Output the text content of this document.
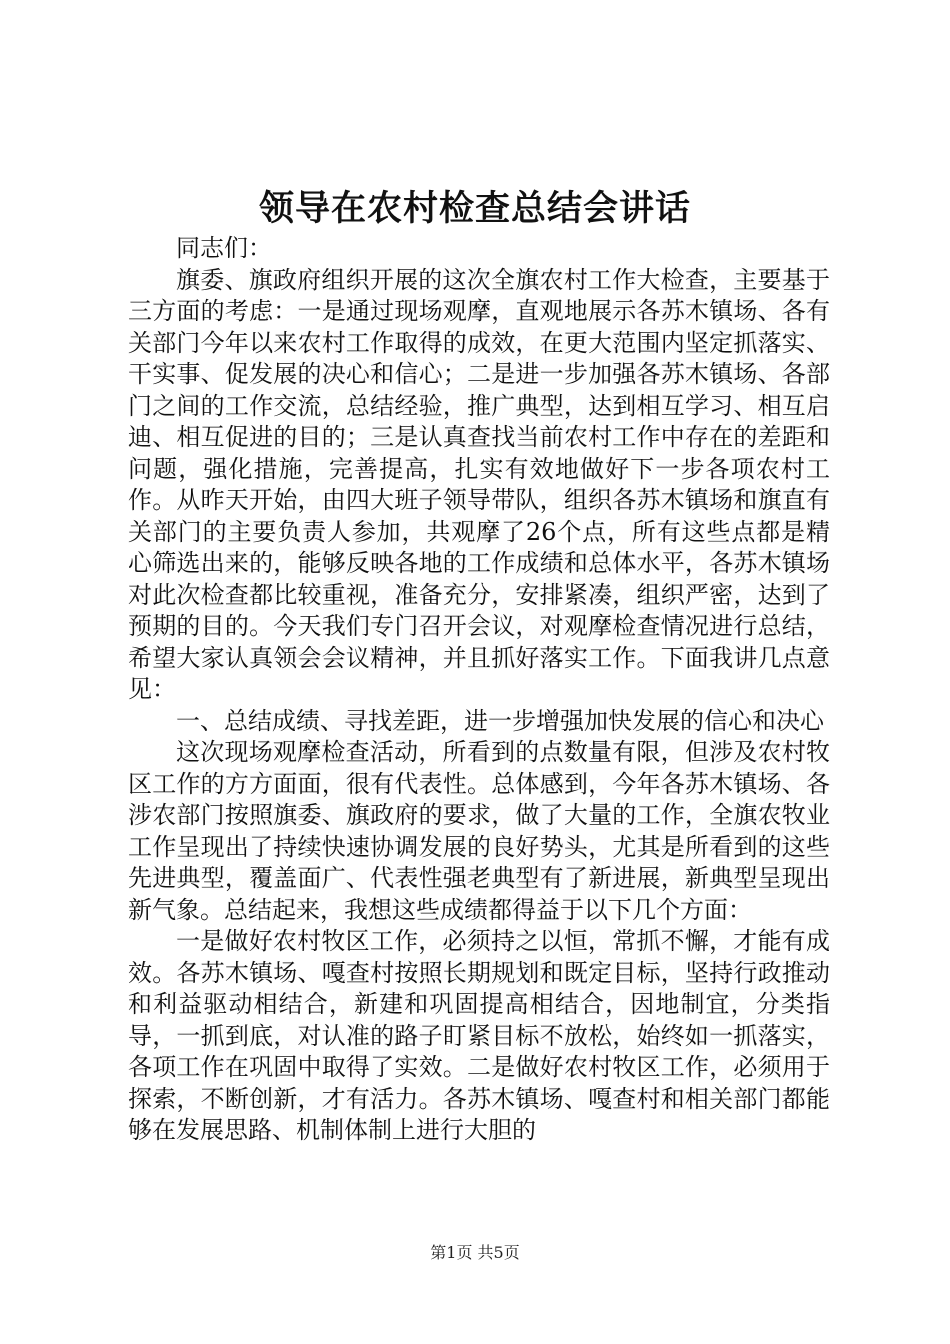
领导在农村检查总结会讲话

同志们：

旗委、旗政府组织开展的这次全旗农村工作大检查，主要基于三方面的考虑：一是通过现场观摩，直观地展示各苏木镇场、各有关部门今年以来农村工作取得的成效，在更大范围内坚定抓落实、干实事、促发展的决心和信心；二是进一步加强各苏木镇场、各部门之间的工作交流，总结经验，推广典型，达到相互学习、相互启迪、相互促进的目的；三是认真查找当前农村工作中存在的差距和问题，强化措施，完善提高，扎实有效地做好下一步各项农村工作。从昨天开始，由四大班子领导带队，组织各苏木镇场和旗直有关部门的主要负责人参加，共观摩了26个点，所有这些点都是精心筛选出来的，能够反映各地的工作成绩和总体水平，各苏木镇场对此次检查都比较重视，准备充分，安排紧凑，组织严密，达到了预期的目的。今天我们专门召开会议，对观摩检查情况进行总结，希望大家认真领会会议精神，并且抓好落实工作。下面我讲几点意见：

一、总结成绩、寻找差距，进一步增强加快发展的信心和决心

这次现场观摩检查活动，所看到的点数量有限，但涉及农村牧区工作的方方面面，很有代表性。总体感到，今年各苏木镇场、各涉农部门按照旗委、旗政府的要求，做了大量的工作，全旗农牧业工作呈现出了持续快速协调发展的良好势头，尤其是所看到的这些先进典型，覆盖面广、代表性强老典型有了新进展，新典型呈现出新气象。总结起来，我想这些成绩都得益于以下几个方面：

一是做好农村牧区工作，必须持之以恒，常抓不懈，才能有成效。各苏木镇场、嘎查村按照长期规划和既定目标，坚持行政推动和利益驱动相结合，新建和巩固提高相结合，因地制宜，分类指导，一抓到底，对认准的路子盯紧目标不放松，始终如一抓落实，各项工作在巩固中取得了实效。二是做好农村牧区工作，必须用于探索，不断创新，才有活力。各苏木镇场、嘎查村和相关部门都能够在发展思路、机制体制上进行大胆的

第1页 共5页
